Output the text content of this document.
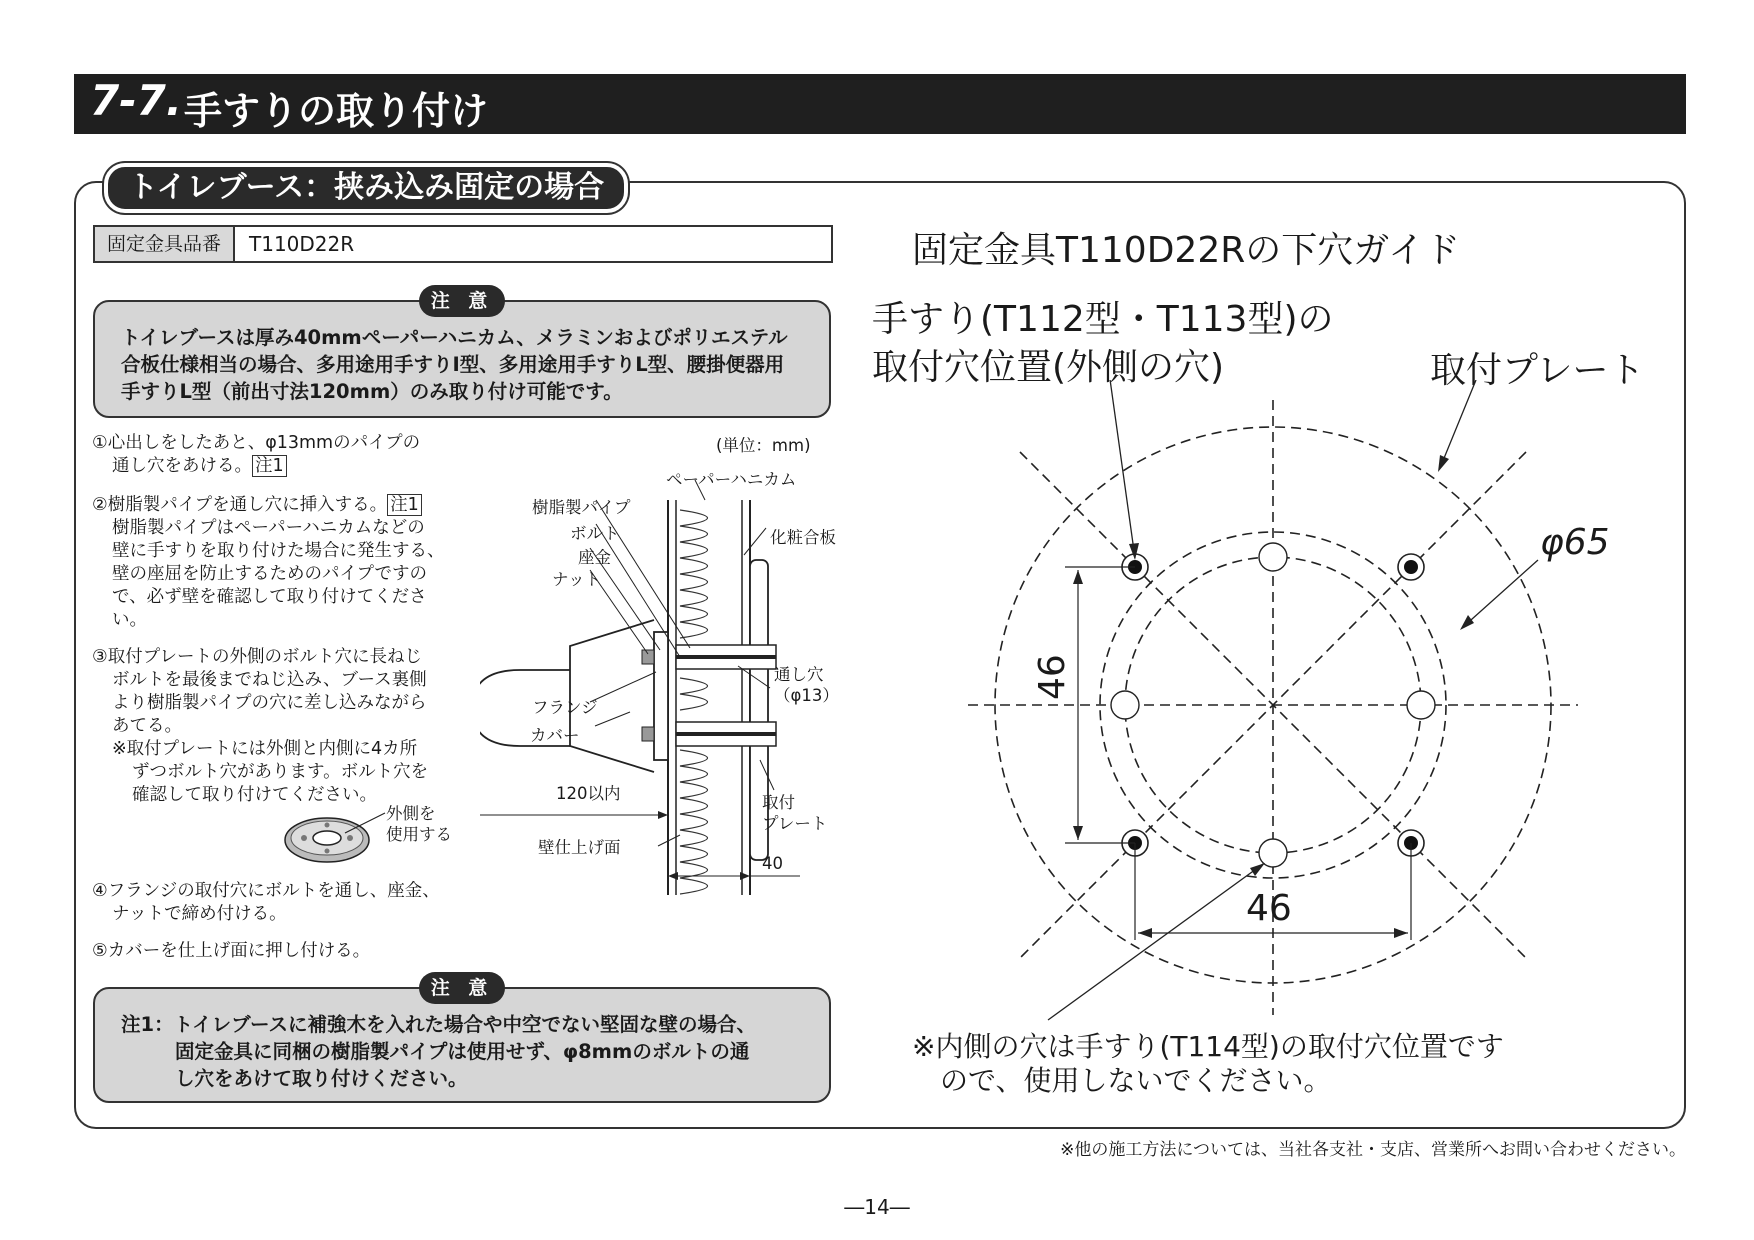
7-7. 手すりの取り付け
トイレブース：挟み込み固定の場合
固定金具品番	T110D22R
トイレブースは厚み40mmペーパーハニカム、メラミンおよびポリエステル
合板仕様相当の場合、多用途用手すりI型、多用途用手すりL型、腰掛便器用
手すりL型（前出寸法120mm）のみ取り付け可能です。
注 意
①心出しをしたあと、φ13mmのパイプの
通し穴をあける。 注1
②樹脂製パイプを通し穴に挿入する。 注1
樹脂製パイプはペーパーハニカムなどの
壁に手すりを取り付けた場合に発生する、
壁の座屈を防止するためのパイプですの
で、必ず壁を確認して取り付けてくださ
い。
③取付プレートの外側のボルト穴に長ねじ
ボルトを最後までねじ込み、ブース裏側
より樹脂製パイプの穴に差し込みながら
あてる。
※取付プレートには外側と内側に4カ所
ずつボルト穴があります。ボルト穴を
確認して取り付けてください。
④フランジの取付穴にボルトを通し、座金、
ナットで締め付ける。
⑤カバーを仕上げ面に押し付ける。
外側を
使用する
(単位：mm)
ペーパーハニカム
樹脂製パイプ
ボルト
座金
ナット
化粧合板
通し穴
（φ13）
フランジ
カバー
120以内	取付
プレート
壁仕上げ面
40
固定金具T110D22Rの下穴ガイド
手すり(T112型・T113型)の
取付穴位置(外側の穴)	取付プレート
φ65
46
46
※内側の穴は手すり(T114型)の取付穴位置です
ので、使用しないでください。
注1：トイレブースに補強木を入れた場合や中空でない堅固な壁の場合、
固定金具に同梱の樹脂製パイプは使用せず、φ8mmのボルトの通
し穴をあけて取り付けください。
注 意
※他の施工方法については、当社各支社・支店、営業所へお問い合わせください。
―14―
